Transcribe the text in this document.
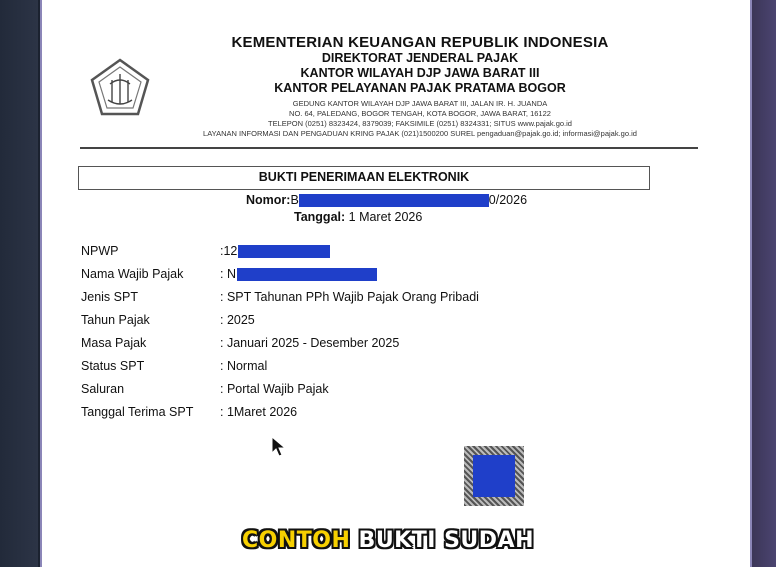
KEMENTERIAN KEUANGAN REPUBLIK INDONESIA
DIREKTORAT JENDERAL PAJAK
KANTOR WILAYAH DJP JAWA BARAT III
KANTOR PELAYANAN PAJAK PRATAMA BOGOR
GEDUNG KANTOR WILAYAH DJP JAWA BARAT III, JALAN IR. H. JUANDA
NO. 64, PALEDANG, BOGOR TENGAH, KOTA BOGOR, JAWA BARAT, 16122
TELEPON (0251) 8323424, 8379039; FAKSIMILE (0251) 8324331; SITUS www.pajak.go.id
LAYANAN INFORMASI DAN PENGADUAN KRING PAJAK (021)1500200 SUREL pengaduan@pajak.go.id; informasi@pajak.go.id
BUKTI PENERIMAAN ELEKTRONIK
Nomor:B	0/2026
Tanggal: 1 Maret 2026
NPWP	:12
Nama Wajib Pajak	: N
Jenis SPT	: SPT Tahunan PPh Wajib Pajak Orang Pribadi
Tahun Pajak	: 2025
Masa Pajak	: Januari 2025 - Desember 2025
Status SPT	: Normal
Saluran	: Portal Wajib Pajak
Tanggal Terima SPT : 1Maret 2026
CONTOH BUKTI SUDAH
